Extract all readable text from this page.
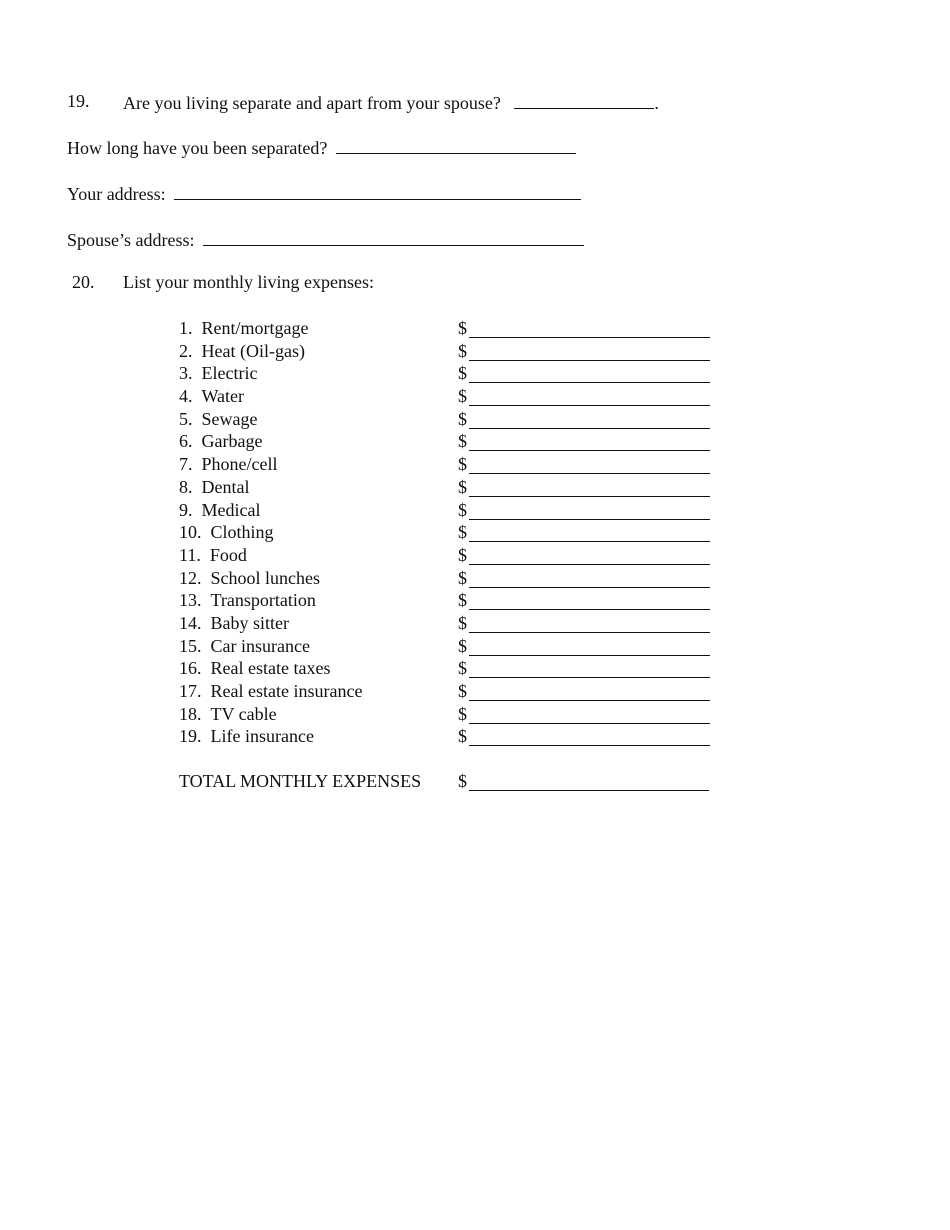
19. Are you living separate and apart from your spouse?	.
How long have you been separated?
Your address:
Spouse’s address:
20. List your monthly living expenses:
1. Rent/mortgage	$
2. Heat (Oil-gas)	$
3. Electric	$
4. Water	$
5. Sewage	$
6. Garbage	$
7. Phone/cell	$
8. Dental	$
9. Medical	$
10. Clothing	$
11. Food	$
12. School lunches	$
13. Transportation	$
14. Baby sitter	$
15. Car insurance	$
16. Real estate taxes	$
17. Real estate insurance	$
18. TV cable	$
19. Life insurance	$
TOTAL MONTHLY EXPENSES $
